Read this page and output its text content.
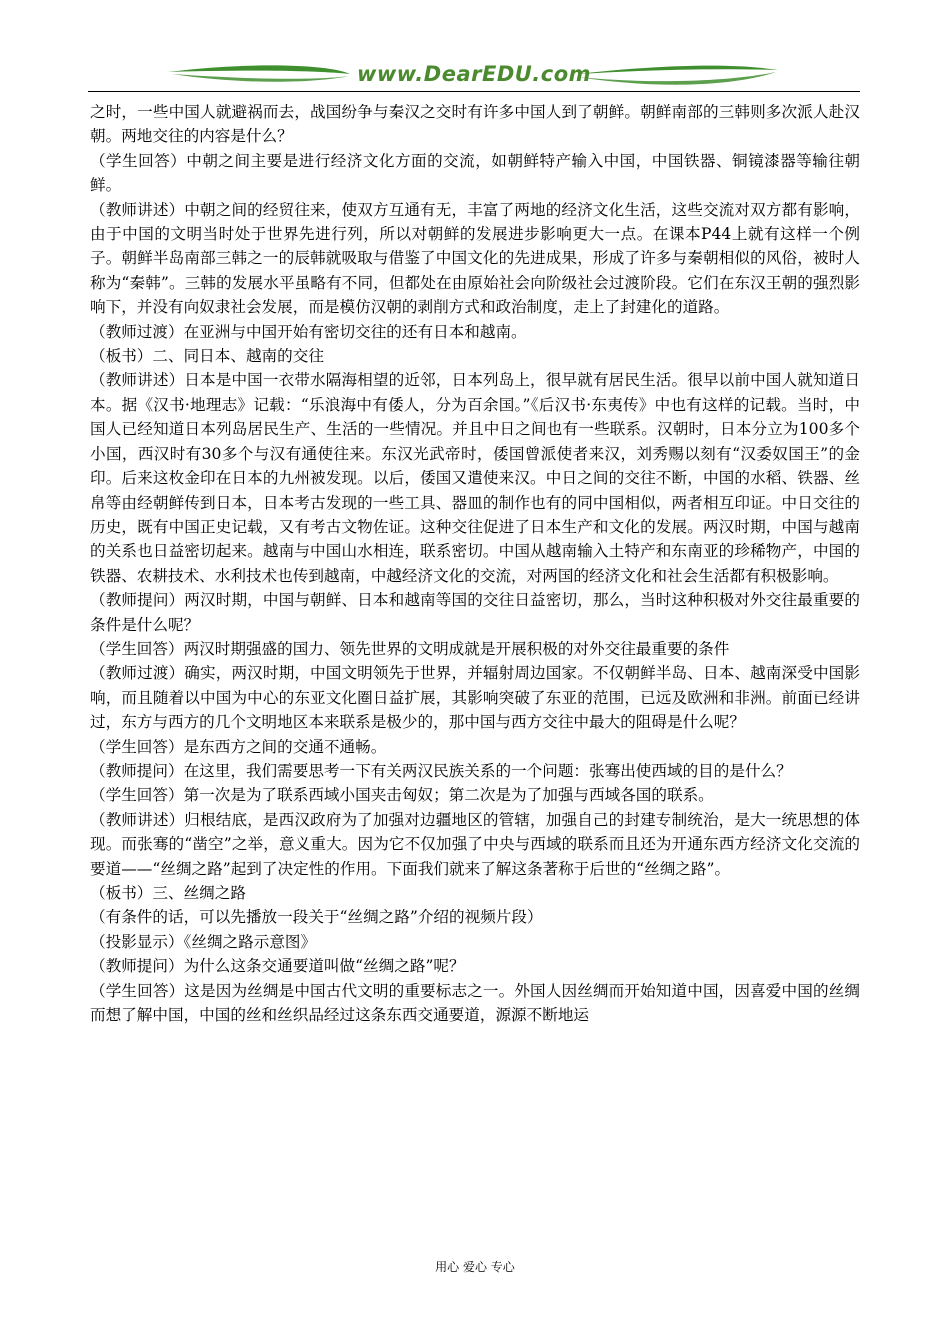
www.DearEDU.com

之时，一些中国人就避祸而去，战国纷争与秦汉之交时有许多中国人到了朝鲜。朝鲜南部的三韩则多次派人赴汉朝。两地交往的内容是什么？

（学生回答）中朝之间主要是进行经济文化方面的交流，如朝鲜特产输入中国，中国铁器、铜镜漆器等输往朝鲜。

（教师讲述）中朝之间的经贸往来，使双方互通有无，丰富了两地的经济文化生活，这些交流对双方都有影响，由于中国的文明当时处于世界先进行列，所以对朝鲜的发展进步影响更大一点。在课本P44上就有这样一个例子。朝鲜半岛南部三韩之一的辰韩就吸取与借鉴了中国文化的先进成果，形成了许多与秦朝相似的风俗，被时人称为“秦韩”。三韩的发展水平虽略有不同，但都处在由原始社会向阶级社会过渡阶段。它们在东汉王朝的强烈影响下，并没有向奴隶社会发展，而是模仿汉朝的剥削方式和政治制度，走上了封建化的道路。

（教师过渡）在亚洲与中国开始有密切交往的还有日本和越南。

（板书）二、同日本、越南的交往

（教师讲述）日本是中国一衣带水隔海相望的近邻，日本列岛上，很早就有居民生活。很早以前中国人就知道日本。据《汉书·地理志》记载：“乐浪海中有倭人，分为百余国。”《后汉书·东夷传》中也有这样的记载。当时，中国人已经知道日本列岛居民生产、生活的一些情况。并且中日之间也有一些联系。汉朝时，日本分立为100多个小国，西汉时有30多个与汉有通使往来。东汉光武帝时，倭国曾派使者来汉，刘秀赐以刻有“汉委奴国王”的金印。后来这枚金印在日本的九州被发现。以后，倭国又遣使来汉。中日之间的交往不断，中国的水稻、铁器、丝帛等由经朝鲜传到日本，日本考古发现的一些工具、器皿的制作也有的同中国相似，两者相互印证。中日交往的历史，既有中国正史记载，又有考古文物佐证。这种交往促进了日本生产和文化的发展。两汉时期，中国与越南的关系也日益密切起来。越南与中国山水相连，联系密切。中国从越南输入土特产和东南亚的珍稀物产，中国的铁器、农耕技术、水利技术也传到越南，中越经济文化的交流，对两国的经济文化和社会生活都有积极影响。

（教师提问）两汉时期，中国与朝鲜、日本和越南等国的交往日益密切，那么，当时这种积极对外交往最重要的条件是什么呢？

（学生回答）两汉时期强盛的国力、领先世界的文明成就是开展积极的对外交往最重要的条件

（教师过渡）确实，两汉时期，中国文明领先于世界，并辐射周边国家。不仅朝鲜半岛、日本、越南深受中国影响，而且随着以中国为中心的东亚文化圈日益扩展，其影响突破了东亚的范围，已远及欧洲和非洲。前面已经讲过，东方与西方的几个文明地区本来联系是极少的，那中国与西方交往中最大的阻碍是什么呢？

（学生回答）是东西方之间的交通不通畅。

（教师提问）在这里，我们需要思考一下有关两汉民族关系的一个问题：张骞出使西域的目的是什么？

（学生回答）第一次是为了联系西域小国夹击匈奴；第二次是为了加强与西域各国的联系。

（教师讲述）归根结底，是西汉政府为了加强对边疆地区的管辖，加强自己的封建专制统治，是大一统思想的体现。而张骞的“凿空”之举，意义重大。因为它不仅加强了中央与西域的联系而且还为开通东西方经济文化交流的要道——“丝绸之路”起到了决定性的作用。下面我们就来了解这条著称于后世的“丝绸之路”。

（板书）三、丝绸之路

（有条件的话，可以先播放一段关于“丝绸之路”介绍的视频片段）

（投影显示）《丝绸之路示意图》

（教师提问）为什么这条交通要道叫做“丝绸之路”呢？

（学生回答）这是因为丝绸是中国古代文明的重要标志之一。外国人因丝绸而开始知道中国，因喜爱中国的丝绸而想了解中国，中国的丝和丝织品经过这条东西交通要道，源源不断地运

用心 爱心 专心
